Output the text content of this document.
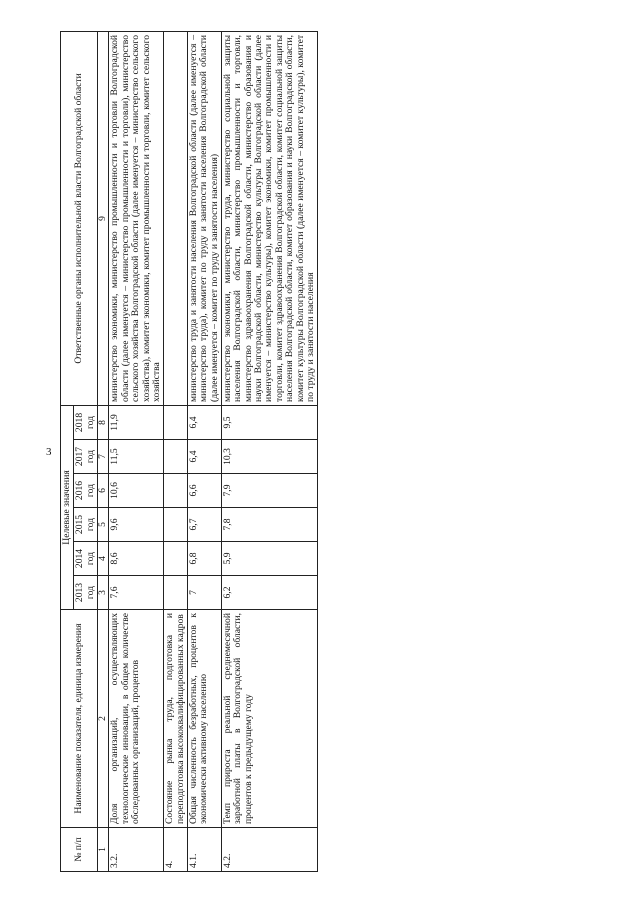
3
№ п/п	Наименование показателя, единица измерения	Целевые значения						Ответственные органы исполнительной власти Волгоградской области
		2013 год	2014 год	2015 год	2016 год	2017 год	2018 год	
1	2	3	4	5	6	7	8	9
3.2.	Доля организаций, осуществляющих технологические инновации, в общем количестве обследованных организаций, процентов	7,6	8,6	9,6	10,6	11,5	11,9	министерство экономики, министерство промышленности и торговли Волгоградской области (далее именуется – министерство промышленности и торговли), министерство сельского хозяйства Волгоградской области (далее именуется – министерство сельского хозяйства), комитет экономики, комитет промышленности и торговли, комитет сельского хозяйства
4.	Состояние рынка труда, подготовка и переподготовка высококвалифицированных кадров							
4.1.	Общая численность безработных, процентов к экономически активному населению	7	6,8	6,7	6,6	6,4	6,4	министерство труда и занятости населения Волгоградской области (далее именуется – министерство труда), комитет по труду и занятости населения Волгоградской области (далее именуется – комитет по труду и занятости населения)
4.2.	Темп прироста реальной среднемесячной заработной платы в Волгоградской области, процентов к предыдущему году	6,2	5,9	7,8	7,9	10,3	9,5	министерство экономики, министерство труда, министерство социальной защиты населения Волгоградской области, министерство промышленности и торговли, министерство здравоохранения Волгоградской области, министерство образования и науки Волгоградской области, министерство культуры Волгоградской области (далее именуется – министерство культуры), комитет экономики, комитет промышленности и торговли, комитет здравоохранения Волгоградской области, комитет социальной защиты населения Волгоградской области, комитет образования и науки Волгоградской области, комитет культуры Волгоградской области (далее именуется – комитет культуры), комитет по труду и занятости населения
